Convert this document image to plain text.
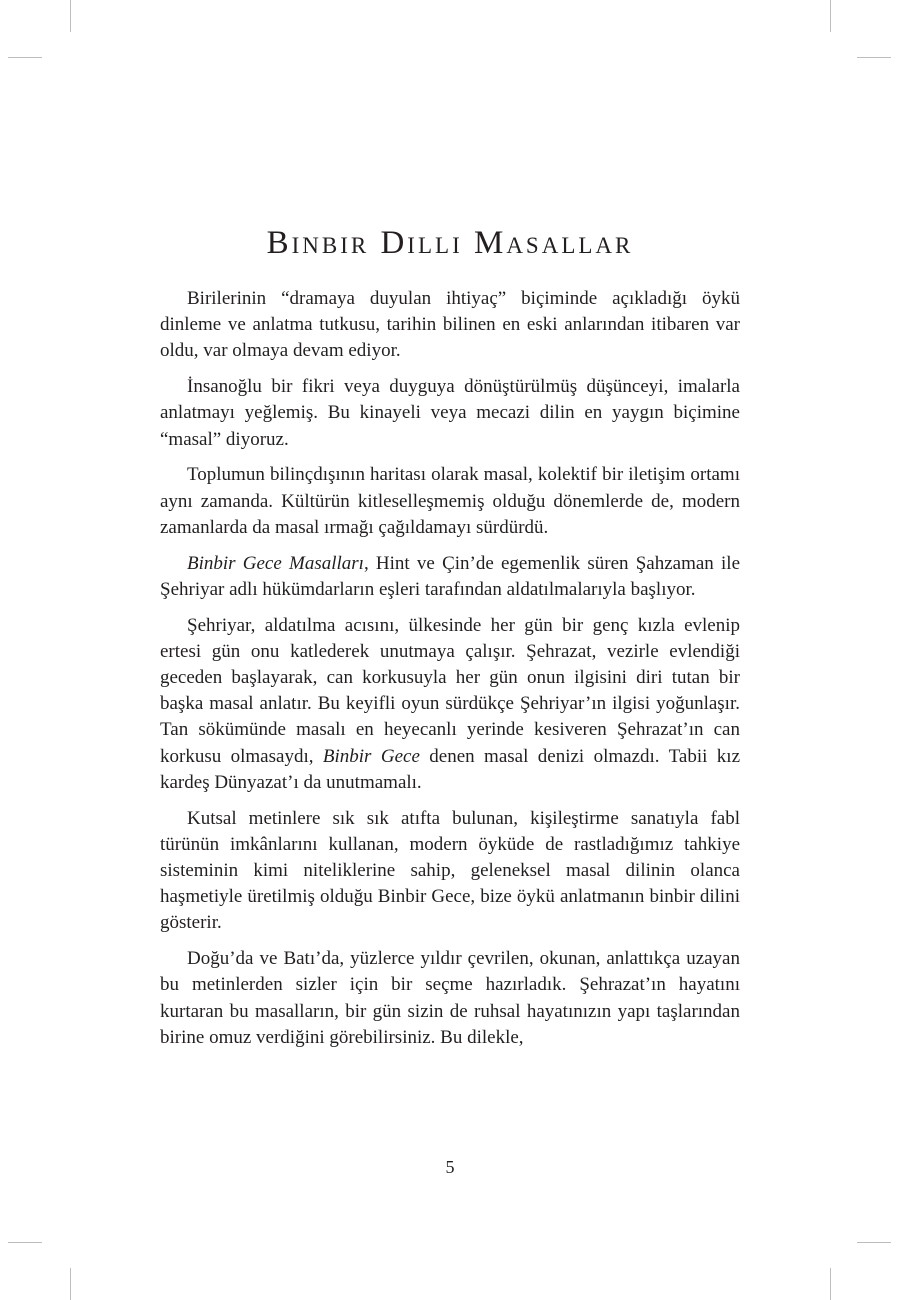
Binbir Dilli Masallar

Birilerinin “dramaya duyulan ihtiyaç” biçiminde açıkladığı öykü dinleme ve anlatma tutkusu, tarihin bilinen en eski anlarından itibaren var oldu, var olmaya devam ediyor.

İnsanoğlu bir fikri veya duyguya dönüştürülmüş düşünceyi, imalarla anlatmayı yeğlemiş. Bu kinayeli veya mecazi dilin en yaygın biçimine “masal” diyoruz.

Toplumun bilinçdışının haritası olarak masal, kolektif bir iletişim ortamı aynı zamanda. Kültürün kitleselleşmemiş olduğu dönemlerde de, modern zamanlarda da masal ırmağı çağıldamayı sürdürdü.

Binbir Gece Masalları, Hint ve Çin’de egemenlik süren Şahzaman ile Şehriyar adlı hükümdarların eşleri tarafından aldatılmalarıyla başlıyor.

Şehriyar, aldatılma acısını, ülkesinde her gün bir genç kızla evlenip ertesi gün onu katlederek unutmaya çalışır. Şehrazat, vezirle evlendiği geceden başlayarak, can korkusuyla her gün onun ilgisini diri tutan bir başka masal anlatır. Bu keyifli oyun sürdükçe Şehriyar’ın ilgisi yoğunlaşır. Tan sökümünde masalı en heyecanlı yerinde kesiveren Şehrazat’ın can korkusu olmasaydı, Binbir Gece denen masal denizi olmazdı. Tabii kız kardeş Dünyazat’ı da unutmamalı.

Kutsal metinlere sık sık atıfta bulunan, kişileştirme sanatıyla fabl türünün imkânlarını kullanan, modern öyküde de rastladığımız tahkiye sisteminin kimi niteliklerine sahip, geleneksel masal dilinin olanca haşmetiyle üretilmiş olduğu Binbir Gece, bize öykü anlatmanın binbir dilini gösterir.

Doğu’da ve Batı’da, yüzlerce yıldır çevrilen, okunan, anlattıkça uzayan bu metinlerden sizler için bir seçme hazırladık. Şehrazat’ın hayatını kurtaran bu masalların, bir gün sizin de ruhsal hayatınızın yapı taşlarından birine omuz verdiğini görebilirsiniz. Bu dilekle,

5
